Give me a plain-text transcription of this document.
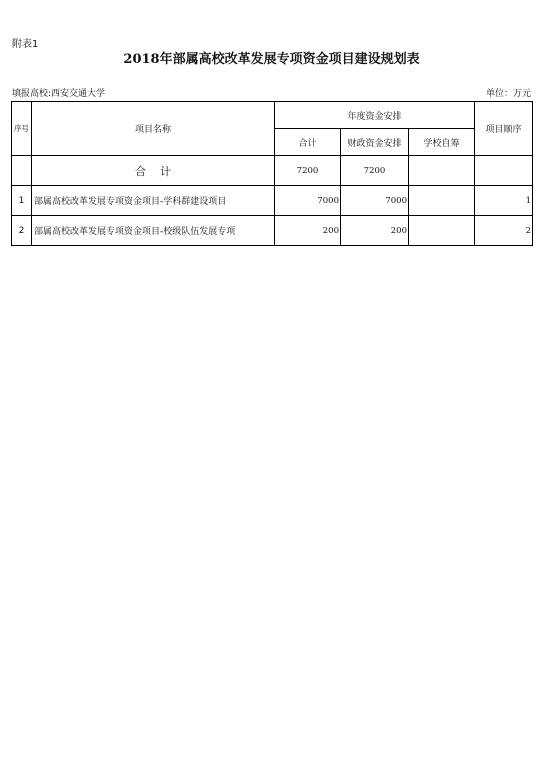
附表1
2018年部属高校改革发展专项资金项目建设规划表
填报高校:西安交通大学	单位：万元
序号	项目名称	年度资金安排			项目顺序
		合计	财政资金安排	学校自筹	
	合    计	7200	7200		
1	部属高校改革发展专项资金项目-学科群建设项目	7000	7000		1
2	部属高校改革发展专项资金项目-校级队伍发展专项	200	200		2
